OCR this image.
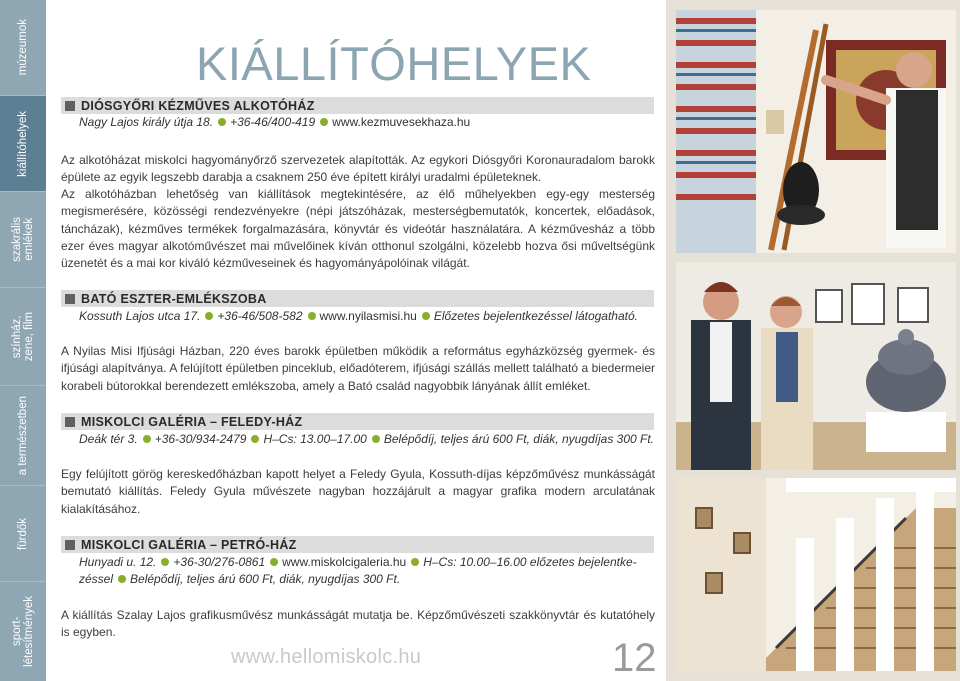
múzeumok
kiállítóhelyek
szakrális
emlékek
színház,
zene, film
a természetben
fürdők
sport-
létesítmények
KIÁLLÍTÓHELYEK
DIÓSGYŐRI KÉZMŰVES ALKOTÓHÁZ
Nagy Lajos király útja 18. +36-46/400-419 www.kezmuvesekhaza.hu

Az alkotóházat miskolci hagyományőrző szervezetek alapították. Az egykori Diósgyőri Koronauradalom barokk épülete az egyik legszebb darabja a csaknem 250 éve épített királyi uradalmi épületeknek.

Az alkotóházban lehetőség van kiállítások megtekintésére, az élő műhelyekben egy-egy mesterség megismerésére, közösségi rendezvényekre (népi játszóházak, mesterségbemutatók, koncertek, előadások, táncházak), kézműves termékek forgalmazására, könyvtár és videótár használatára. A kézművesház a több ezer éves magyar alkotóművészet mai művelőinek kíván otthonul szolgálni, közelebb hozva ősi műveltségünk üzenetét és a mai kor kiváló kézműveseinek és hagyományápolóinak világát.

BATÓ ESZTER-EMLÉKSZOBA
Kossuth Lajos utca 17. +36-46/508-582 www.nyilasmisi.hu Előzetes bejelentkezéssel látogatható.

A Nyilas Misi Ifjúsági Házban, 220 éves barokk épületben működik a református egyházközség gyermek- és ifjúsági alapítványa. A felújított épületben pinceklub, előadóterem, ifjúsági szállás mellett található a biedermeier korabeli bútorokkal berendezett emlékszoba, amely a Bató család nagyobbik lányának állít emléket.

MISKOLCI GALÉRIA – FELEDY-HÁZ
Deák tér 3. +36-30/934-2479 H–Cs: 13.00–17.00 Belépődíj, teljes árú 600 Ft, diák, nyugdíjas 300 Ft.

Egy felújított görög kereskedőházban kapott helyet a Feledy Gyula, Kossuth-díjas képzőművész munkásságát bemutató kiállítás. Feledy Gyula művészete nagyban hozzájárult a magyar grafika modern arculatának kialakításához.

MISKOLCI GALÉRIA – PETRÓ-HÁZ
Hunyadi u. 12. +36-30/276-0861 www.miskolcigaleria.hu H–Cs: 10.00–16.00 előzetes bejelentke-
zéssel Belépődíj, teljes árú 600 Ft, diák, nyugdíjas 300 Ft.

A kiállítás Szalay Lajos grafikusművész munkásságát mutatja be. Képzőművészeti szakkönyvtár és kutatóhely is egyben.

www.hellomiskolc.hu	12
